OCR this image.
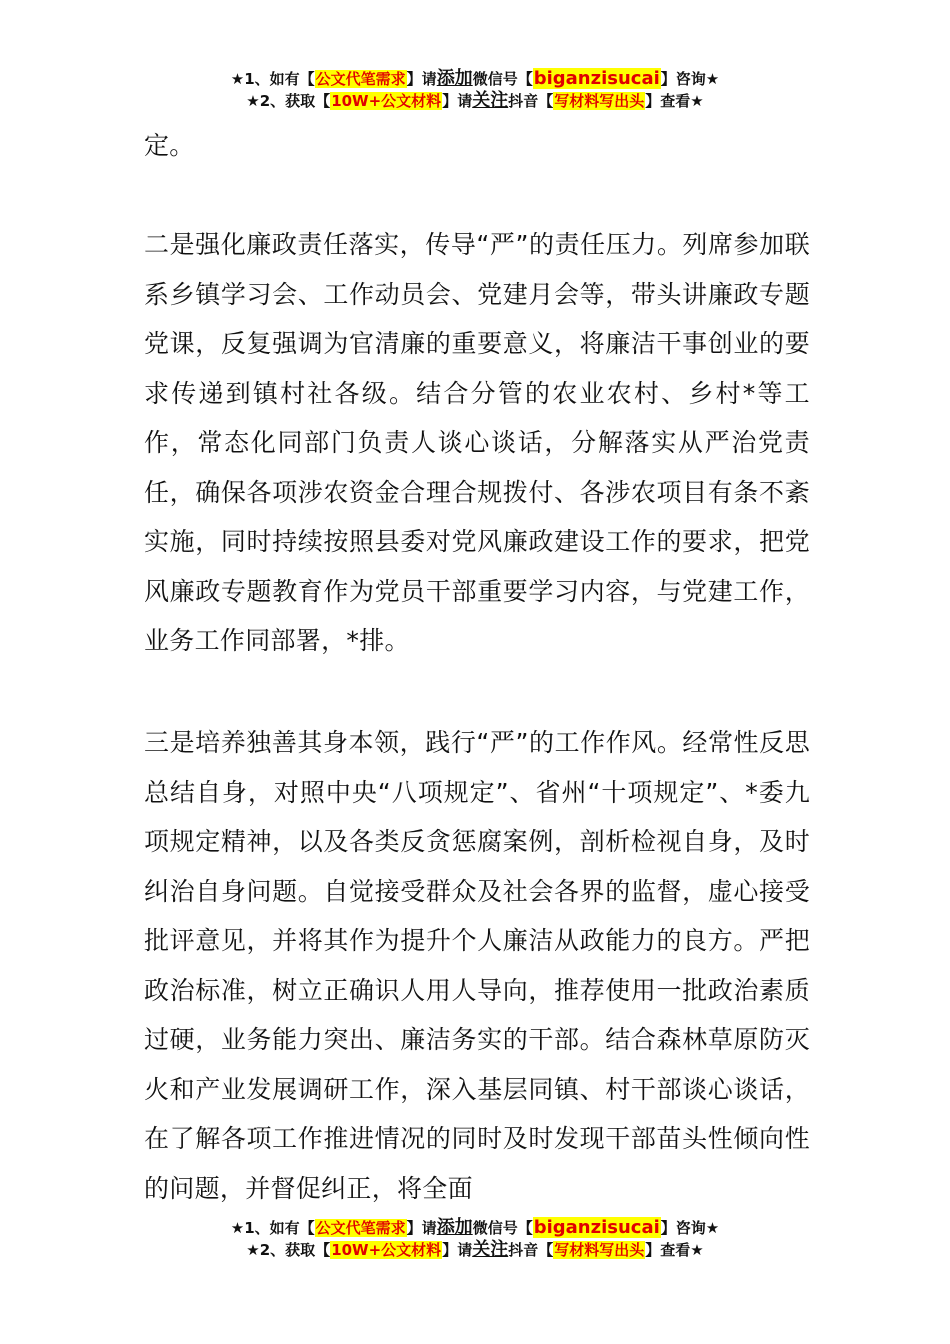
★1、如有【公文代笔需求】请添加微信号【biganzisucai】咨询★
★2、获取【10W+公文材料】请关注抖音【写材料写出头】查看★

定。

二是强化廉政责任落实，传导“严”的责任压力。列席参加联系乡镇学习会、工作动员会、党建月会等，带头讲廉政专题党课，反复强调为官清廉的重要意义，将廉洁干事创业的要求传递到镇村社各级。结合分管的农业农村、乡村*等工作，常态化同部门负责人谈心谈话，分解落实从严治党责任，确保各项涉农资金合理合规拨付、各涉农项目有条不紊实施，同时持续按照县委对党风廉政建设工作的要求，把党风廉政专题教育作为党员干部重要学习内容，与党建工作，业务工作同部署，*排。

三是培养独善其身本领，践行“严”的工作作风。经常性反思总结自身，对照中央“八项规定”、省州“十项规定”、*委九项规定精神，以及各类反贪惩腐案例，剖析检视自身，及时纠治自身问题。自觉接受群众及社会各界的监督，虚心接受批评意见，并将其作为提升个人廉洁从政能力的良方。严把政治标准，树立正确识人用人导向，推荐使用一批政治素质过硬，业务能力突出、廉洁务实的干部。结合森林草原防灭火和产业发展调研工作，深入基层同镇、村干部谈心谈话，在了解各项工作推进情况的同时及时发现干部苗头性倾向性的问题，并督促纠正，将全面

★1、如有【公文代笔需求】请添加微信号【biganzisucai】咨询★
★2、获取【10W+公文材料】请关注抖音【写材料写出头】查看★
